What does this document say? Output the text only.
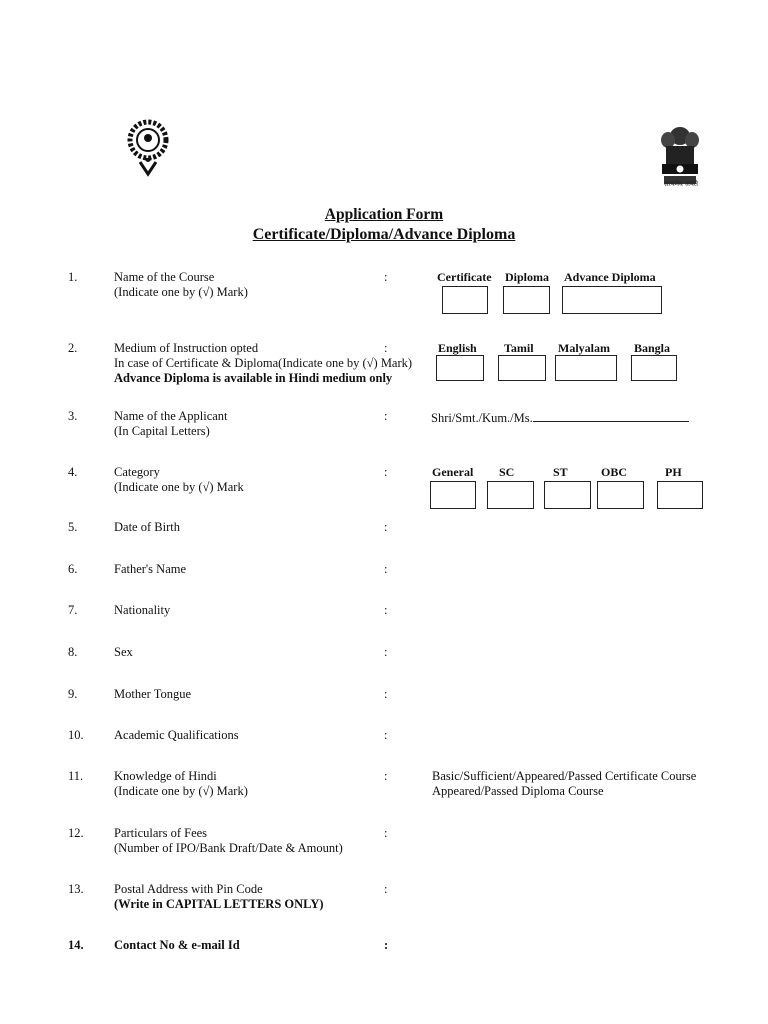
सत्यमेव जयते
Application Form
Certificate/Diploma/Advance Diploma
1.	Name of the Course
(Indicate one by (√) Mark)
:	Certificate Diploma Advance Diploma
2.	Medium of Instruction opted
In case of Certificate & Diploma(Indicate one by (√) Mark)
Advance Diploma is available in Hindi medium only
:	English Tamil Malyalam Bangla
3.	Name of the Applicant
(In Capital Letters)
:	Shri/Smt./Kum./Ms.
4.	Category
(Indicate one by (√) Mark
:	General SC	ST	OBC	PH
5.	Date of Birth	:
6.	Father's Name	:
7.	Nationality	:
8.	Sex	:
9.	Mother Tongue	:
10. Academic Qualifications	:
11. Knowledge of Hindi
(Indicate one by (√) Mark)
:	Basic/Sufficient/Appeared/Passed Certificate Course
Appeared/Passed Diploma Course
12. Particulars of Fees
(Number of IPO/Bank Draft/Date & Amount)
:
13. Postal Address with Pin Code
(Write in CAPITAL LETTERS ONLY)
:
14. Contact No & e-mail Id	:
